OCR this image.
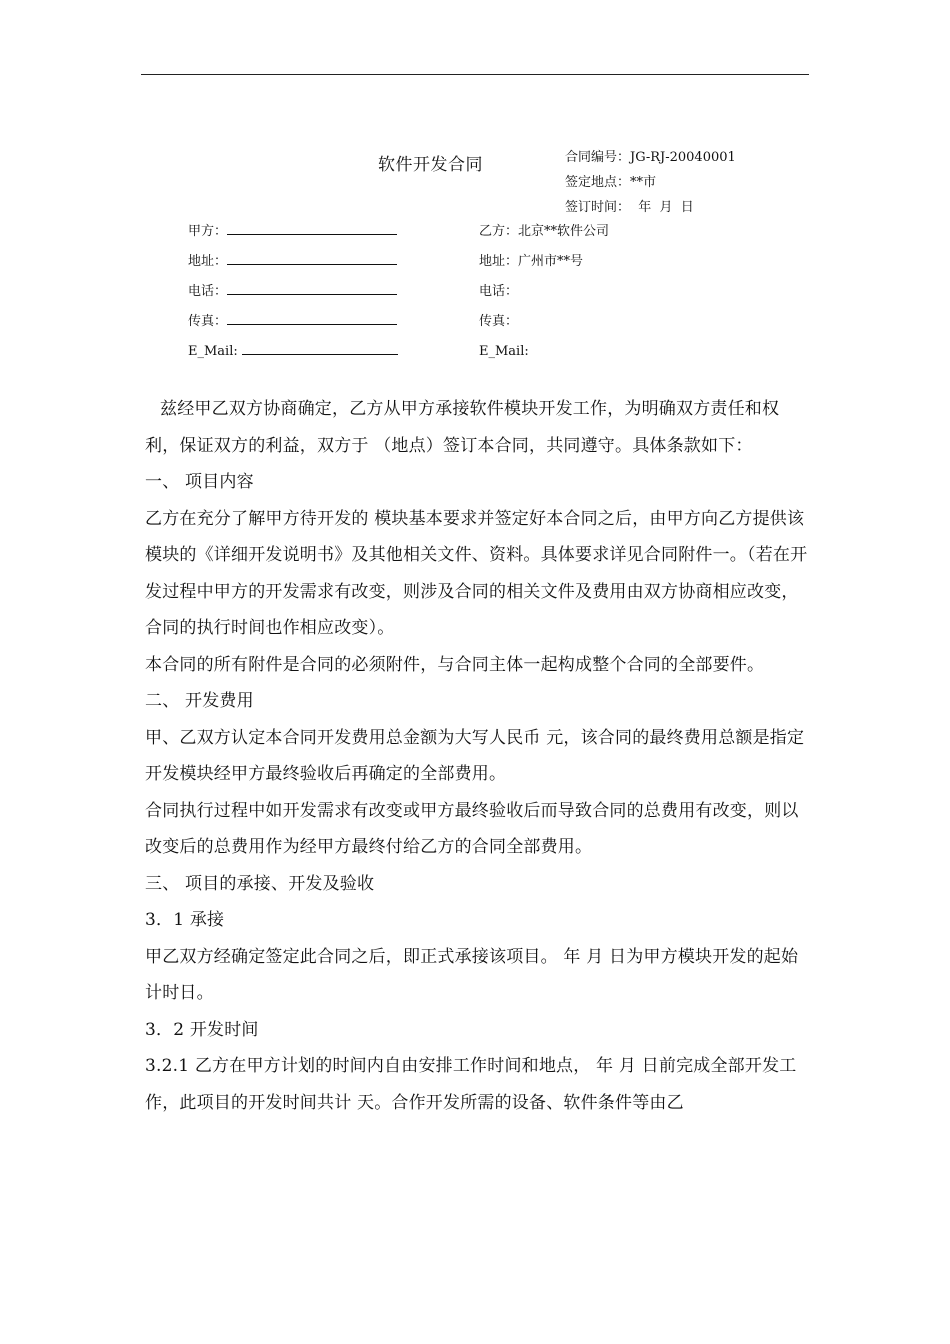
软件开发合同	合同编号：JG-RJ-20040001
签定地点：**市
签订时间：  年  月  日
甲方：
地址：
电话：
传真：
E_Mail:
乙方：北京**软件公司
地址：广州市**号
电话：
传真：
E_Mail:

兹经甲乙双方协商确定，乙方从甲方承接软件模块开发工作，为明确双方责任和权利，保证双方的利益，双方于 （地点）签订本合同，共同遵守。具体条款如下：

一、 项目内容

乙方在充分了解甲方待开发的 模块基本要求并签定好本合同之后，由甲方向乙方提供该模块的《详细开发说明书》及其他相关文件、资料。具体要求详见合同附件一。（若在开发过程中甲方的开发需求有改变，则涉及合同的相关文件及费用由双方协商相应改变，合同的执行时间也作相应改变）。

本合同的所有附件是合同的必须附件，与合同主体一起构成整个合同的全部要件。

二、 开发费用

甲、乙双方认定本合同开发费用总金额为大写人民币 元，该合同的最终费用总额是指定开发模块经甲方最终验收后再确定的全部费用。

合同执行过程中如开发需求有改变或甲方最终验收后而导致合同的总费用有改变，则以改变后的总费用作为经甲方最终付给乙方的合同全部费用。

三、 项目的承接、开发及验收

3．1 承接

甲乙双方经确定签定此合同之后，即正式承接该项目。 年 月 日为甲方模块开发的起始计时日。

3．2 开发时间

3.2.1 乙方在甲方计划的时间内自由安排工作时间和地点， 年 月 日前完成全部开发工作，此项目的开发时间共计 天。合作开发所需的设备、软件条件等由乙
